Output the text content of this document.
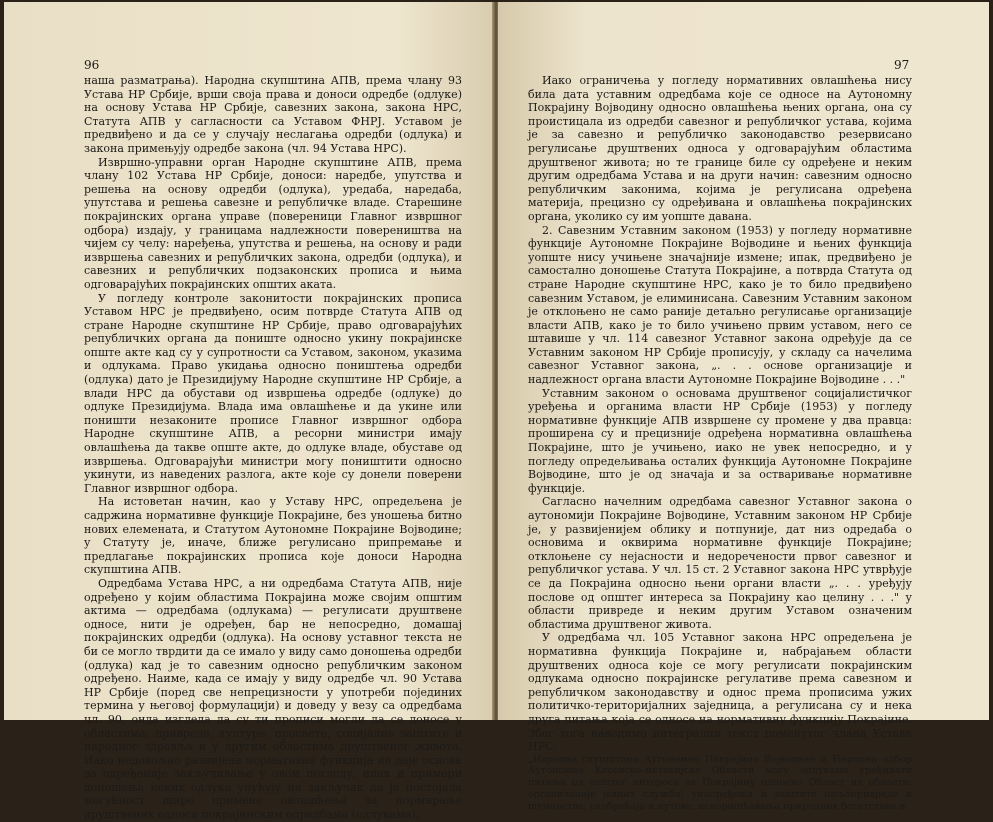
96

наша разматрања). Народна скупштина АПВ, према члану 93 Устава НР Србије, врши своја права и доноси одредбе (одлуке) на основу Устава НР Србије, савезних закона, закона НРС, Статута АПВ у сагласности са Уставом ФНРЈ. Уставом је предвиђено и да се у случају неслагања одредби (одлука) и закона примењују одредбе закона (чл. 94 Устава НРС).

Извршно-управни орган Народне скупштине АПВ, према члану 102 Устава НР Србије, доноси: наредбе, упутства и решења на основу одредби (одлука), уредаба, наредаба, упутстава и решења савезне и републичке владе. Старешине покрајинских органа управе (повереници Главног извршног одбора) издају, у границама надлежности повереништва на чијем су челу: наређења, упутства и решења, на основу и ради извршења савезних и републичких закона, одредби (одлука), и савезних и републичких подзаконских прописа и њима одговарајућих покрајинских општих аката.

У погледу контроле законитости покрајинских прописа Уставом НРС је предвиђено, осим потврде Статута АПВ од стране Народне скупштине НР Србије, право одговарајућих републичких органа да пониште односно укину покрајинске опште акте кад су у супротности са Уставом, законом, указима и одлукама. Право укидања односно поништења одредби (одлука) дато је Президијуму Народне скупштине НР Србије, а влади НРС да обустави од извршења одредбе (одлуке) до одлуке Президијума. Влада има овлашћење и да укине или поништи незаконите прописе Главног извршног одбора Народне скупштине АПВ, а ресорни министри имају овлашћења да такве опште акте, до одлуке владе, обуставе од извршења. Одговарајући министри могу поништити односно укинути, из наведених разлога, акте које су донели поверени Главног извршног одбора.

На истоветан начин, као у Уставу НРС, опредељена је садржина нормативне функције Покрајине, без уношења битно нових елемената, и Статутом Аутономне Покрајине Војводине; у Статуту је, иначе, ближе регулисано припремање и предлагање покрајинских прописа које доноси Народна скупштина АПВ.

Одредбама Устава НРС, а ни одредбама Статута АПВ, није одређено у којим областима Покрајина може својим општим актима — одредбама (одлукама) — регулисати друштвене односе, нити је одређен, бар не непосредно, домашај покрајинских одредби (одлука). На основу уставног текста не би се могло тврдити да се имало у виду само доношења одредби (одлука) кад је то савезним односно републичким законом одређено. Наиме, када се имају у виду одредбе чл. 90 Устава НР Србије (поред све непрецизности у употреби појединих термина у његовој формулацији) и доведу у везу са одредбама чл. 90, онда изгледа да су ти прописи могли да се доносе у областима: привреде, културе, просвете, социјалне заштите и народног здравља и у другим областима друштвеног живота. Иако недовољно развијена нормативна функција не даје основа за одређеније закључивање у овом погледу, ипак и примери доношења неких одлука упућују на закључак да је постојала могућност шире примене овлашћења за нормирање друштвених односа покрајинским одредбама (одлукама).

97

Иако ограничења у погледу нормативних овлашћења нису била дата уставним одредбама које се односе на Аутономну Покрајину Војводину односно овлашћења њених органа, она су проистицала из одредби савезног и републичког устава, којима је за савезно и републичко законодавство резервисано регулисање друштвених односа у одговарајућим областима друштвеног живота; но те границе биле су одређене и неким другим одредбама Устава и на други начин: савезним односно републичким законима, којима је регулисана одређена материја, прецизно су одређивана и овлашћења покрајинских органа, уколико су им уопште давана.

2. Савезним Уставним законом (1953) у погледу нормативне функције Аутономне Покрајине Војводине и њених функција уопште нису учињене значајније измене; ипак, предвиђено је самостално доношење Статута Покрајине, а потврда Статута од стране Народне скупштине НРС, како је то било предвиђено савезним Уставом, је елиминисана. Савезним Уставним законом је отклоњено не само раније детаљно регулисање организације власти АПВ, како је то било учињено првим уставом, него се штавише у чл. 114 савезног Уставног закона одређује да се Уставним законом НР Србије прописују, у складу са начелима савезног Уставног закона, „. . . основе организације и надлежност органа власти Аутономне Покрајине Војводине . . ."

Уставним законом о основама друштвеног социјалистичког уређења и органима власти НР Србије (1953) у погледу нормативне функције АПВ извршене су промене у два правца: проширена су и прецизније одређена нормативна овлашћења Покрајине, што је учињено, иако не увек непосредно, и у погледу опредељивања осталих функција Аутономне Покрајине Војводине, што је од значаја и за остваривање нормативне функције.

Сагласно начелним одредбама савезног Уставног закона о аутономији Покрајине Војводине, Уставним законом НР Србије је, у развијенијем облику и потпуније, дат низ одредаба о основима и оквирима нормативне функције Покрајине; отклоњене су нејасности и недоречености првог савезног и републичког устава. У чл. 15 ст. 2 Уставног закона НРС утврђује се да Покрајина односно њени органи власти „. . . уређују послове од општег интереса за Покрајину као целину . . ." у области привреде и неким другим Уставом означеним областима друштвеног живота.

У одредбама чл. 105 Уставног закона НРС опредељена је нормативна функција Покрајине и, набрајањем области друштвених односа које се могу регулисати покрајинским одлукама односно покрајинске регулативе према савезном и републичком законодавству и однос према прописима ужих политичко-територијалних заједница, а регулисана су и нека друга питања која се односе на нормативну функцију Покрајине. Због тога наводимо интегрални текст поменутог члана Устава НРС:

„Народна скупштина Аутономне Покрајине Војводине и Народни одбор Аутономне Косовско-метохијске Области могу одлукама уређивати питања од општег интереса за Покрајину односно Област из области: организације јавних служби; унапређења и заштите пољопривреде и шумарства; саобраћаја и путева; искоришћавања природних богатстава и
